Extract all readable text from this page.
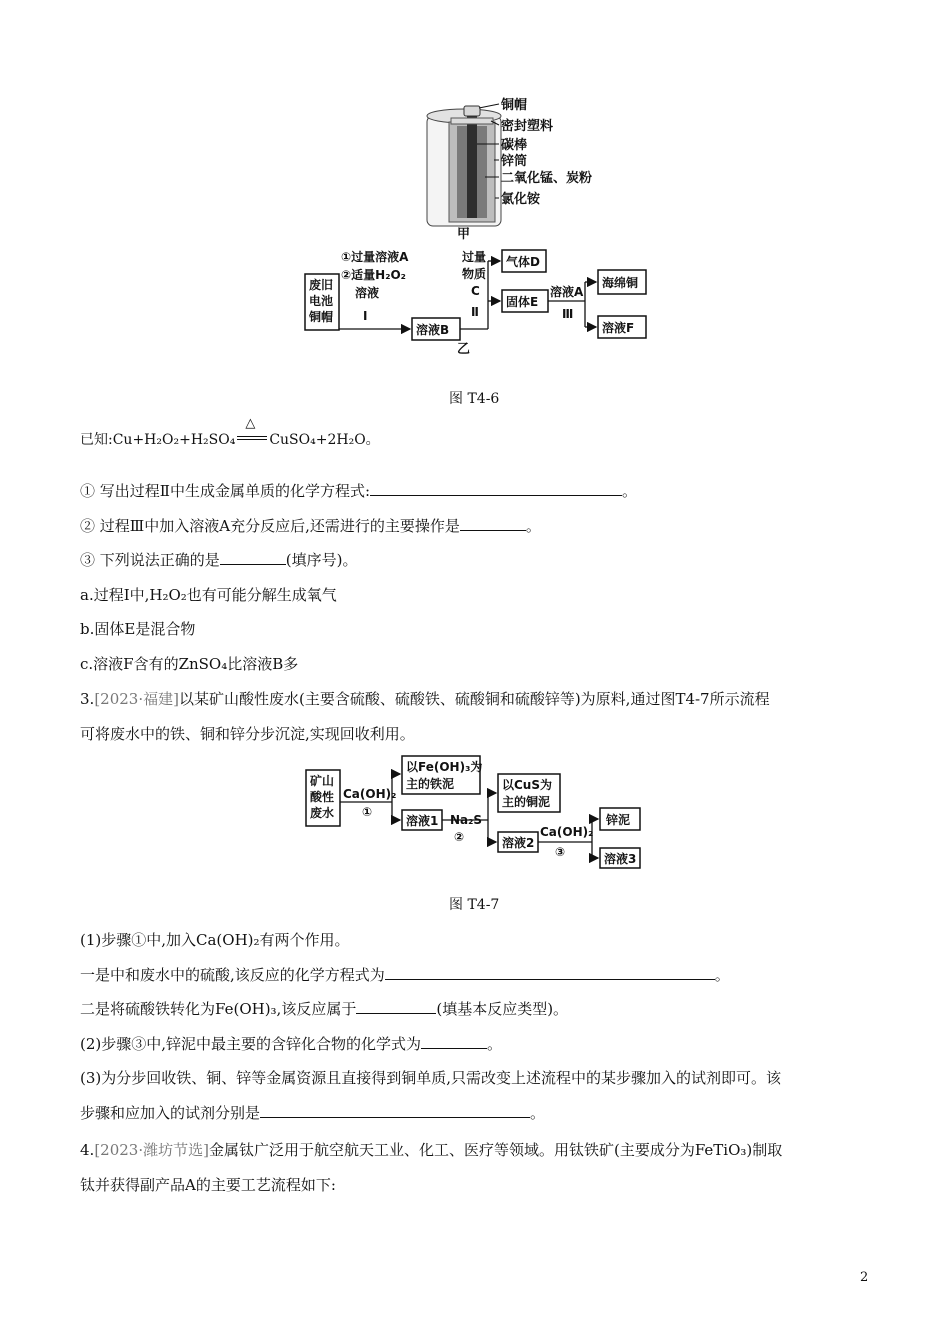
铜帽
密封塑料
碳棒
锌筒
二氧化锰、炭粉
氯化铵
甲
废旧
电池
铜帽
①过量溶液A
②适量H₂O₂
溶液
Ⅰ
溶液B
过量
物质
C
Ⅱ
气体D
固体E
溶液A
Ⅲ
海绵铜
溶液F
乙
图 T4-6
已知:Cu+H₂O₂+H₂SO₄
△
CuSO₄+2H₂O。
① 写出过程Ⅱ中生成金属单质的化学方程式:	。
② 过程Ⅲ中加入溶液A充分反应后,还需进行的主要操作是	。
③ 下列说法正确的是	(填序号)。
a.过程Ⅰ中,H₂O₂也有可能分解生成氧气
b.固体E是混合物
c.溶液F含有的ZnSO₄比溶液B多
3.[2023·福建]以某矿山酸性废水(主要含硫酸、硫酸铁、硫酸铜和硫酸锌等)为原料,通过图T4-7所示流程
可将废水中的铁、铜和锌分步沉淀,实现回收利用。
矿山
酸性
废水
Ca(OH)₂
①
以Fe(OH)₃为
主的铁泥
溶液1 Na₂S
②
以CuS为
主的铜泥
溶液2
Ca(OH)₂
③
锌泥
溶液3
图 T4-7
(1)步骤①中,加入Ca(OH)₂有两个作用。
一是中和废水中的硫酸,该反应的化学方程式为	。
二是将硫酸铁转化为Fe(OH)₃,该反应属于	(填基本反应类型)。
(2)步骤③中,锌泥中最主要的含锌化合物的化学式为	。
(3)为分步回收铁、铜、锌等金属资源且直接得到铜单质,只需改变上述流程中的某步骤加入的试剂即可。该
步骤和应加入的试剂分别是	。
4.[2023·潍坊节选]金属钛广泛用于航空航天工业、化工、医疗等领域。用钛铁矿(主要成分为FeTiO₃)制取
钛并获得副产品A的主要工艺流程如下:
2
